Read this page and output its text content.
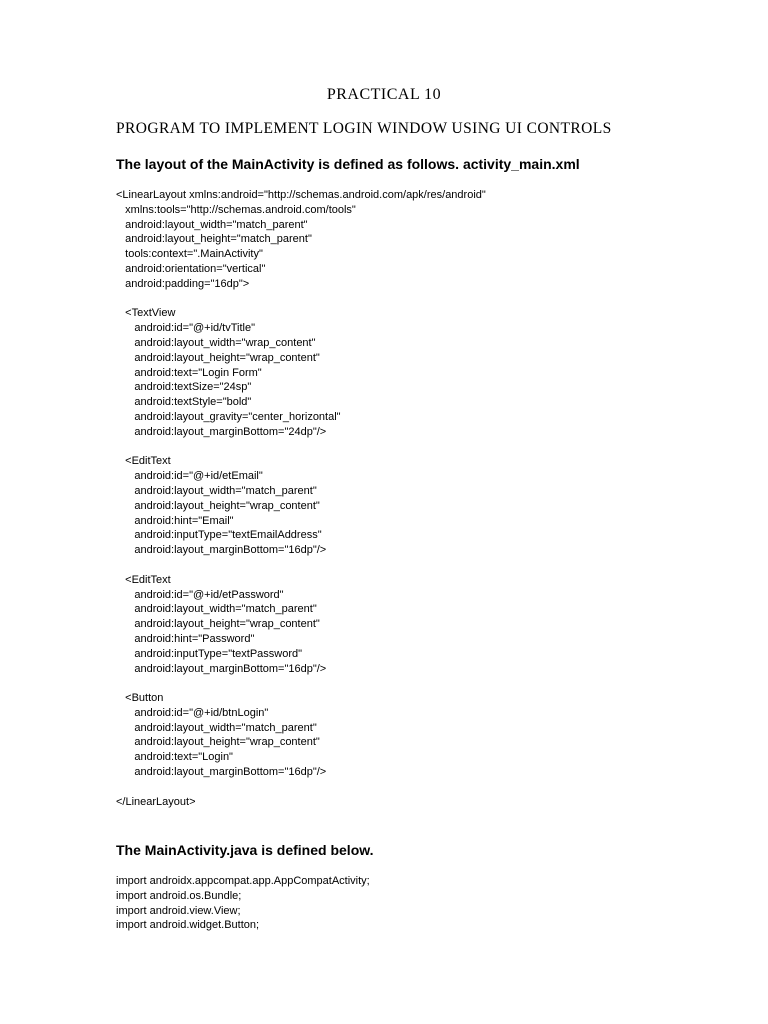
PRACTICAL 10
PROGRAM TO IMPLEMENT LOGIN WINDOW USING UI CONTROLS
The layout of the MainActivity is defined as follows. activity_main.xml
<LinearLayout xmlns:android="http://schemas.android.com/apk/res/android"
xmlns:tools="http://schemas.android.com/tools"
android:layout_width="match_parent"
android:layout_height="match_parent"
tools:context=".MainActivity"
android:orientation="vertical"
android:padding="16dp">
<TextView
android:id="@+id/tvTitle"
android:layout_width="wrap_content"
android:layout_height="wrap_content"
android:text="Login Form"
android:textSize="24sp"
android:textStyle="bold"
android:layout_gravity="center_horizontal"
android:layout_marginBottom="24dp"/>
<EditText
android:id="@+id/etEmail"
android:layout_width="match_parent"
android:layout_height="wrap_content"
android:hint="Email"
android:inputType="textEmailAddress"
android:layout_marginBottom="16dp"/>
<EditText
android:id="@+id/etPassword"
android:layout_width="match_parent"
android:layout_height="wrap_content"
android:hint="Password"
android:inputType="textPassword"
android:layout_marginBottom="16dp"/>
<Button
android:id="@+id/btnLogin"
android:layout_width="match_parent"
android:layout_height="wrap_content"
android:text="Login"
android:layout_marginBottom="16dp"/>
</LinearLayout>
The MainActivity.java is defined below.
import androidx.appcompat.app.AppCompatActivity;
import android.os.Bundle;
import android.view.View;
import android.widget.Button;
